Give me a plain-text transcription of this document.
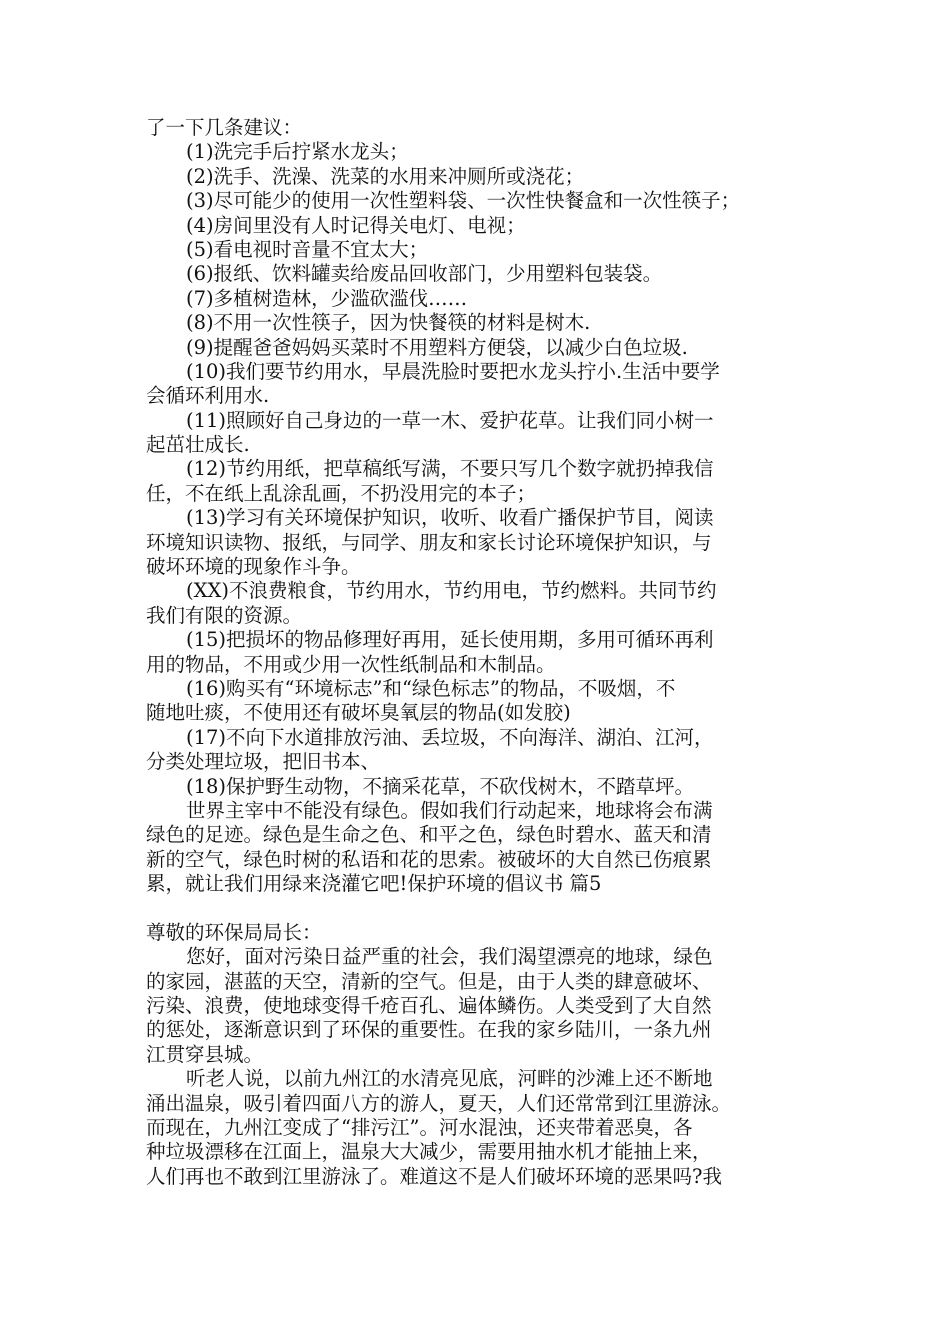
了一下几条建议：
(1)洗完手后拧紧水龙头；
(2)洗手、洗澡、洗菜的水用来冲厕所或浇花；
(3)尽可能少的使用一次性塑料袋、一次性快餐盒和一次性筷子；
(4)房间里没有人时记得关电灯、电视；
(5)看电视时音量不宜太大；
(6)报纸、饮料罐卖给废品回收部门，少用塑料包装袋。
(7)多植树造林，少滥砍滥伐……
(8)不用一次性筷子，因为快餐筷的材料是树木.
(9)提醒爸爸妈妈买菜时不用塑料方便袋，以减少白色垃圾.
(10)我们要节约用水，早晨洗脸时要把水龙头拧小.生活中要学
会循环利用水.
(11)照顾好自己身边的一草一木、爱护花草。让我们同小树一
起茁壮成长.
(12)节约用纸，把草稿纸写满，不要只写几个数字就扔掉我信
任，不在纸上乱涂乱画，不扔没用完的本子；
(13)学习有关环境保护知识，收听、收看广播保护节目，阅读
环境知识读物、报纸，与同学、朋友和家长讨论环境保护知识，与
破坏环境的现象作斗争。
(XX)不浪费粮食，节约用水，节约用电，节约燃料。共同节约
我们有限的资源。
(15)把损坏的物品修理好再用，延长使用期，多用可循环再利
用的物品，不用或少用一次性纸制品和木制品。
(16)购买有“环境标志”和“绿色标志”的物品，不吸烟，不
随地吐痰，不使用还有破坏臭氧层的物品(如发胶)
(17)不向下水道排放污油、丢垃圾，不向海洋、湖泊、江河，
分类处理垃圾，把旧书本、
(18)保护野生动物，不摘采花草，不砍伐树木，不踏草坪。
世界主宰中不能没有绿色。假如我们行动起来，地球将会布满
绿色的足迹。绿色是生命之色、和平之色，绿色时碧水、蓝天和清
新的空气，绿色时树的私语和花的思索。被破坏的大自然已伤痕累
累，就让我们用绿来浇灌它吧!保护环境的倡议书 篇5
尊敬的环保局局长：
您好，面对污染日益严重的社会，我们渴望漂亮的地球，绿色
的家园，湛蓝的天空，清新的空气。但是，由于人类的肆意破坏、
污染、浪费，使地球变得千疮百孔、遍体鳞伤。人类受到了大自然
的惩处，逐渐意识到了环保的重要性。在我的家乡陆川，一条九州
江贯穿县城。
听老人说，以前九州江的水清亮见底，河畔的沙滩上还不断地
涌出温泉，吸引着四面八方的游人，夏天，人们还常常到江里游泳。
而现在，九州江变成了“排污江”。河水混浊，还夹带着恶臭，各
种垃圾漂移在江面上，温泉大大减少，需要用抽水机才能抽上来，
人们再也不敢到江里游泳了。难道这不是人们破坏环境的恶果吗?我
